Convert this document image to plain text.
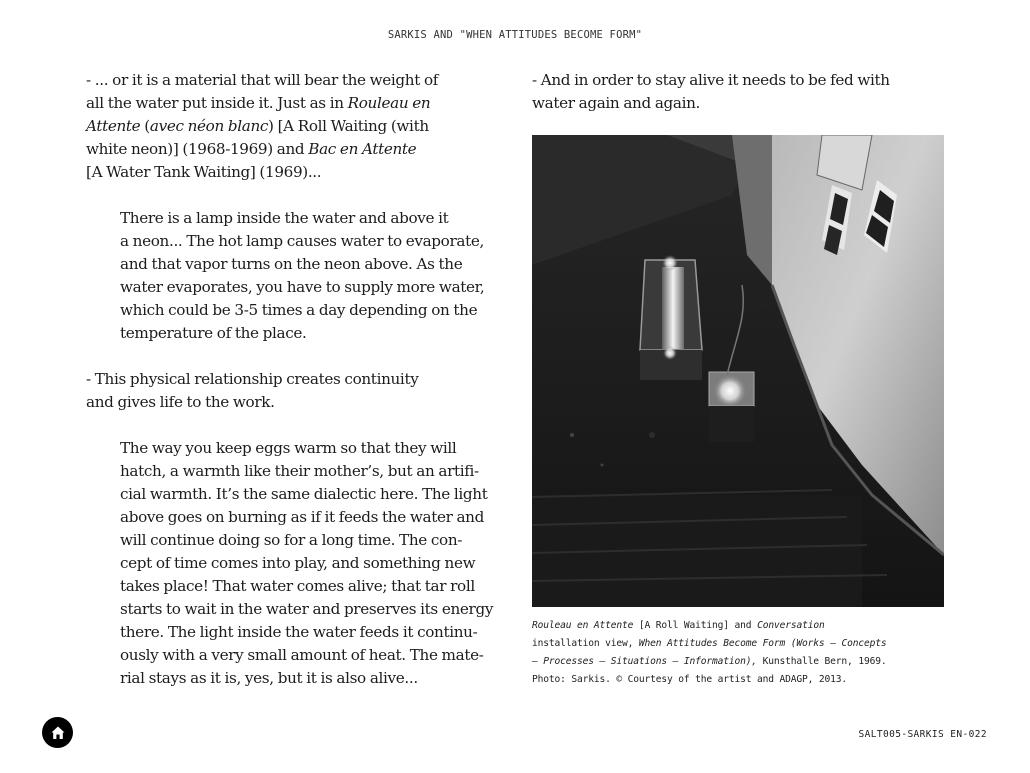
SARKIS AND "WHEN ATTITUDES BECOME FORM"
- ... or it is a material that will bear the weight of
all the water put inside it. Just as in Rouleau en
Attente (avec néon blanc) [A Roll Waiting (with
white neon)] (1968-1969) and Bac en Attente
[A Water Tank Waiting] (1969)...
There is a lamp inside the water and above it
a neon... The hot lamp causes water to evaporate,
and that vapor turns on the neon above. As the
water evaporates, you have to supply more water,
which could be 3-5 times a day depending on the
temperature of the place.
- This physical relationship creates continuity
and gives life to the work.
The way you keep eggs warm so that they will
hatch, a warmth like their mother’s, but an artifi-
cial warmth. It’s the same dialectic here. The light
above goes on burning as if it feeds the water and
will continue doing so for a long time. The con-
cept of time comes into play, and something new
takes place! That water comes alive; that tar roll
starts to wait in the water and preserves its energy
there. The light inside the water feeds it continu-
ously with a very small amount of heat. The mate-
rial stays as it is, yes, but it is also alive...
- And in order to stay alive it needs to be fed with
water again and again.
Rouleau en Attente [A Roll Waiting] and Conversation
installation view, When Attitudes Become Form (Works – Concepts
– Processes – Situations – Information), Kunsthalle Bern, 1969.
Photo: Sarkis. © Courtesy of the artist and ADAGP, 2013.
SALT005-SARKIS EN-022
